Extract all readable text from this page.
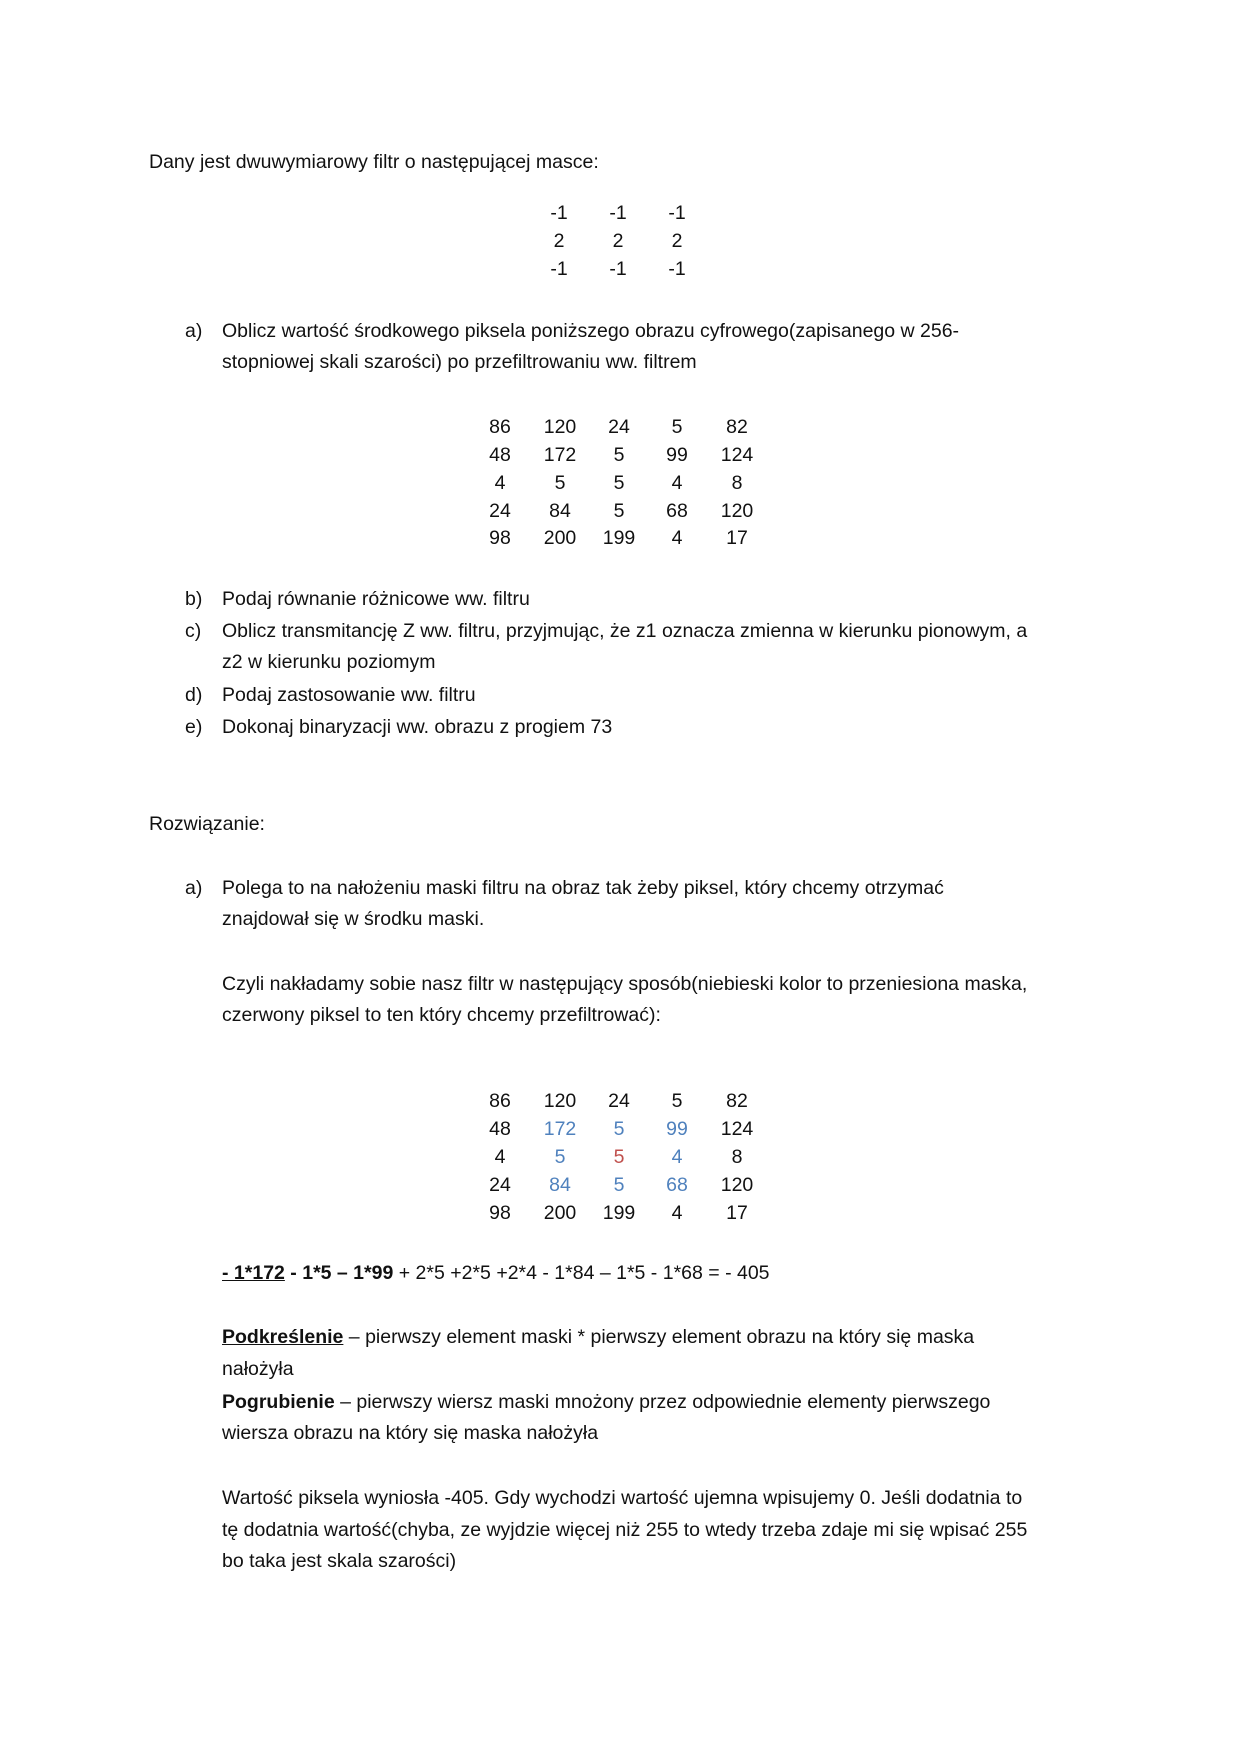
Dany jest dwuwymiarowy filtr o następującej masce:
-1	-1	-1
2	2	2
-1	-1	-1
a) Oblicz wartość środkowego piksela poniższego obrazu cyfrowego(zapisanego w 256-
stopniowej skali szarości) po przefiltrowaniu ww. filtrem
86	120	24	5	82
48	172	5	99	124
4	5	5	4	8
24	84	5	68	120
98	200	199	4	17
b) Podaj równanie różnicowe ww. filtru
c) Oblicz transmitancję Z ww. filtru, przyjmując, że z1 oznacza zmienna w kierunku pionowym, a
z2 w kierunku poziomym
d) Podaj zastosowanie ww. filtru
e) Dokonaj binaryzacji ww. obrazu z progiem 73
Rozwiązanie:
a) Polega to na nałożeniu maski filtru na obraz tak żeby piksel, który chcemy otrzymać
znajdował się w środku maski.
Czyli nakładamy sobie nasz filtr w następujący sposób(niebieski kolor to przeniesiona maska,
czerwony piksel to ten który chcemy przefiltrować):
86	120	24	5	82
48	172	5	99	124
4	5	5	4	8
24	84	5	68	120
98	200	199	4	17
- 1*172 - 1*5 – 1*99 + 2*5 +2*5 +2*4 - 1*84 – 1*5 - 1*68 = - 405
Podkreślenie – pierwszy element maski * pierwszy element obrazu na który się maska
nałożyła
Pogrubienie – pierwszy wiersz maski mnożony przez odpowiednie elementy pierwszego
wiersza obrazu na który się maska nałożyła
Wartość piksela wyniosła -405. Gdy wychodzi wartość ujemna wpisujemy 0. Jeśli dodatnia to
tę dodatnia wartość(chyba, ze wyjdzie więcej niż 255 to wtedy trzeba zdaje mi się wpisać 255
bo taka jest skala szarości)
